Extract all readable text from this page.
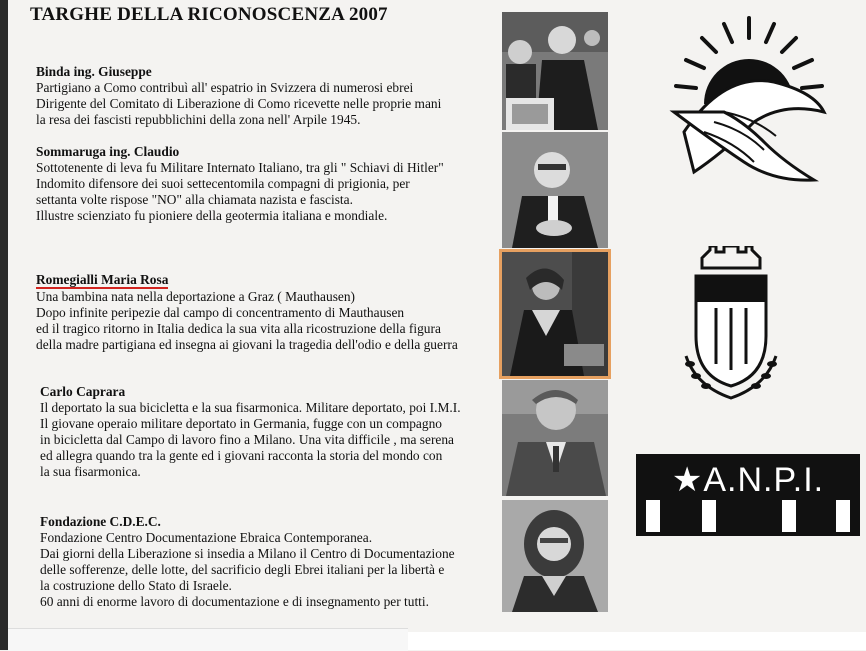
TARGHE DELLA RICONOSCENZA 2007
Binda ing. Giuseppe
Partigiano a Como contribuì all' espatrio in Svizzera di numerosi ebrei
Dirigente del Comitato di Liberazione di Como ricevette nelle proprie mani
la resa dei fascisti repubblichini della zona nell' Arpile 1945.
Sommaruga ing. Claudio
Sottotenente di leva fu Militare Internato Italiano, tra gli " Schiavi di Hitler"
Indomito difensore dei suoi settecentomila compagni di prigionia, per
settanta volte rispose "NO" alla chiamata nazista e fascista.
Illustre scienziato fu pioniere della geotermia italiana e mondiale.
Romegialli Maria Rosa
Una bambina nata nella deportazione a Graz ( Mauthausen)
Dopo infinite peripezie dal campo di concentramento di Mauthausen
ed il tragico ritorno in Italia dedica la sua vita alla ricostruzione della figura
della madre partigiana ed insegna ai giovani la tragedia dell'odio e della guerra
Carlo Caprara
Il deportato la sua bicicletta e la sua fisarmonica. Militare deportato, poi I.M.I.
Il giovane operaio militare deportato in Germania, fugge con un compagno
in bicicletta dal Campo di lavoro fino a Milano. Una vita difficile , ma serena
ed allegra quando tra la gente ed i giovani racconta la storia del mondo con
la sua fisarmonica.
Fondazione C.D.E.C.
Fondazione Centro Documentazione Ebraica Contemporanea.
Dai giorni della Liberazione si insedia a Milano il Centro di Documentazione
delle sofferenze, delle lotte, del sacrificio degli Ebrei italiani per la libertà e
la costruzione dello Stato di Israele.
60 anni di enorme lavoro di documentazione e di insegnamento per tutti.
★A.N.P.I.
